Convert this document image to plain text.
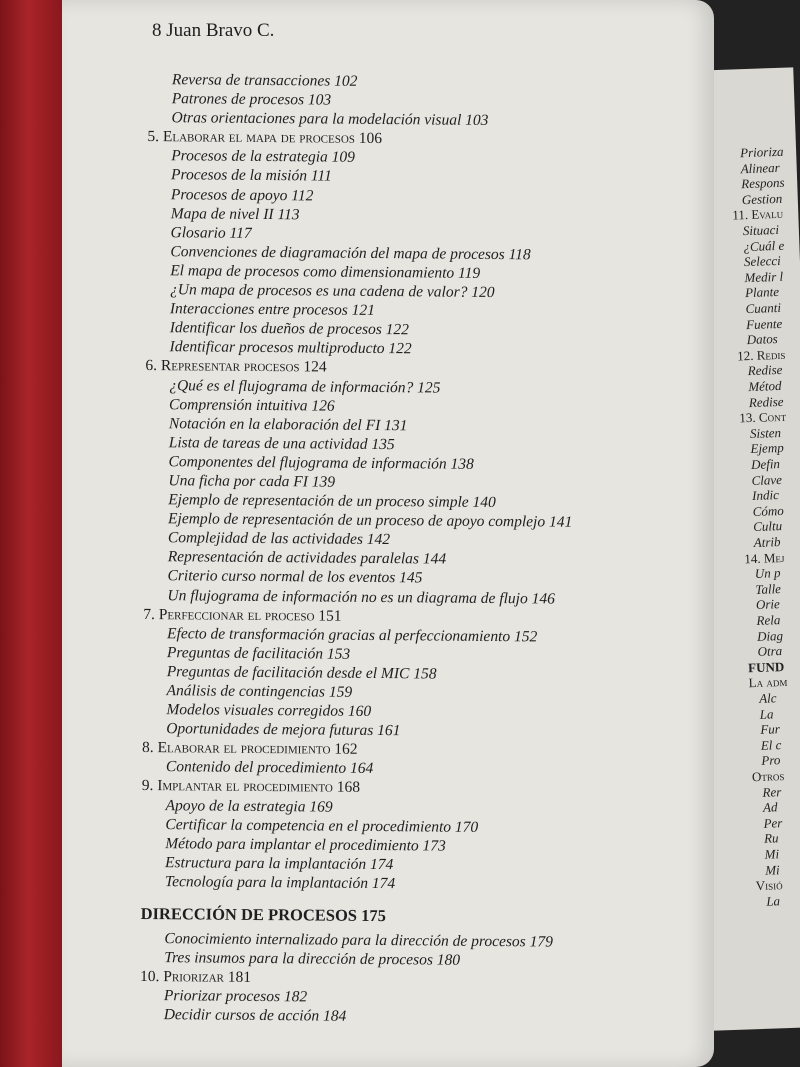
Prioriza
Alinear
Respons
Gestion
11. Evalu
Situaci
¿Cuál e
Selecci
Medir l
Plante
Cuanti
Fuente
Datos
12. Redis
Redise
Métod
Redise
13. Cont
Sisten
Ejemp
Defin
Clave
Indic
Cómo
Cultu
Atrib
14. Mej
Un p
Talle
Orie
Rela
Diag
Otra
FUND
La adm
Alc
La
Fur
El c
Pro
Otros
Rer
Ad
Per
Ru
Mi
Mi
Visió
La
8 Juan Bravo C.
Reversa de transacciones 102
Patrones de procesos 103
Otras orientaciones para la modelación visual 103
5. Elaborar el mapa de procesos 106
Procesos de la estrategia 109
Procesos de la misión 111
Procesos de apoyo 112
Mapa de nivel II 113
Glosario 117
Convenciones de diagramación del mapa de procesos 118
El mapa de procesos como dimensionamiento 119
¿Un mapa de procesos es una cadena de valor? 120
Interacciones entre procesos 121
Identificar los dueños de procesos 122
Identificar procesos multiproducto 122
6. Representar procesos 124
¿Qué es el flujograma de información? 125
Comprensión intuitiva 126
Notación en la elaboración del FI 131
Lista de tareas de una actividad 135
Componentes del flujograma de información 138
Una ficha por cada FI 139
Ejemplo de representación de un proceso simple 140
Ejemplo de representación de un proceso de apoyo complejo 141
Complejidad de las actividades 142
Representación de actividades paralelas 144
Criterio curso normal de los eventos 145
Un flujograma de información no es un diagrama de flujo 146
7. Perfeccionar el proceso 151
Efecto de transformación gracias al perfeccionamiento 152
Preguntas de facilitación 153
Preguntas de facilitación desde el MIC 158
Análisis de contingencias 159
Modelos visuales corregidos 160
Oportunidades de mejora futuras 161
8. Elaborar el procedimiento 162
Contenido del procedimiento 164
9. Implantar el procedimiento 168
Apoyo de la estrategia 169
Certificar la competencia en el procedimiento 170
Método para implantar el procedimiento 173
Estructura para la implantación 174
Tecnología para la implantación 174
DIRECCIÓN DE PROCESOS 175
Conocimiento internalizado para la dirección de procesos 179
Tres insumos para la dirección de procesos 180
10. Priorizar 181
Priorizar procesos 182
Decidir cursos de acción 184
